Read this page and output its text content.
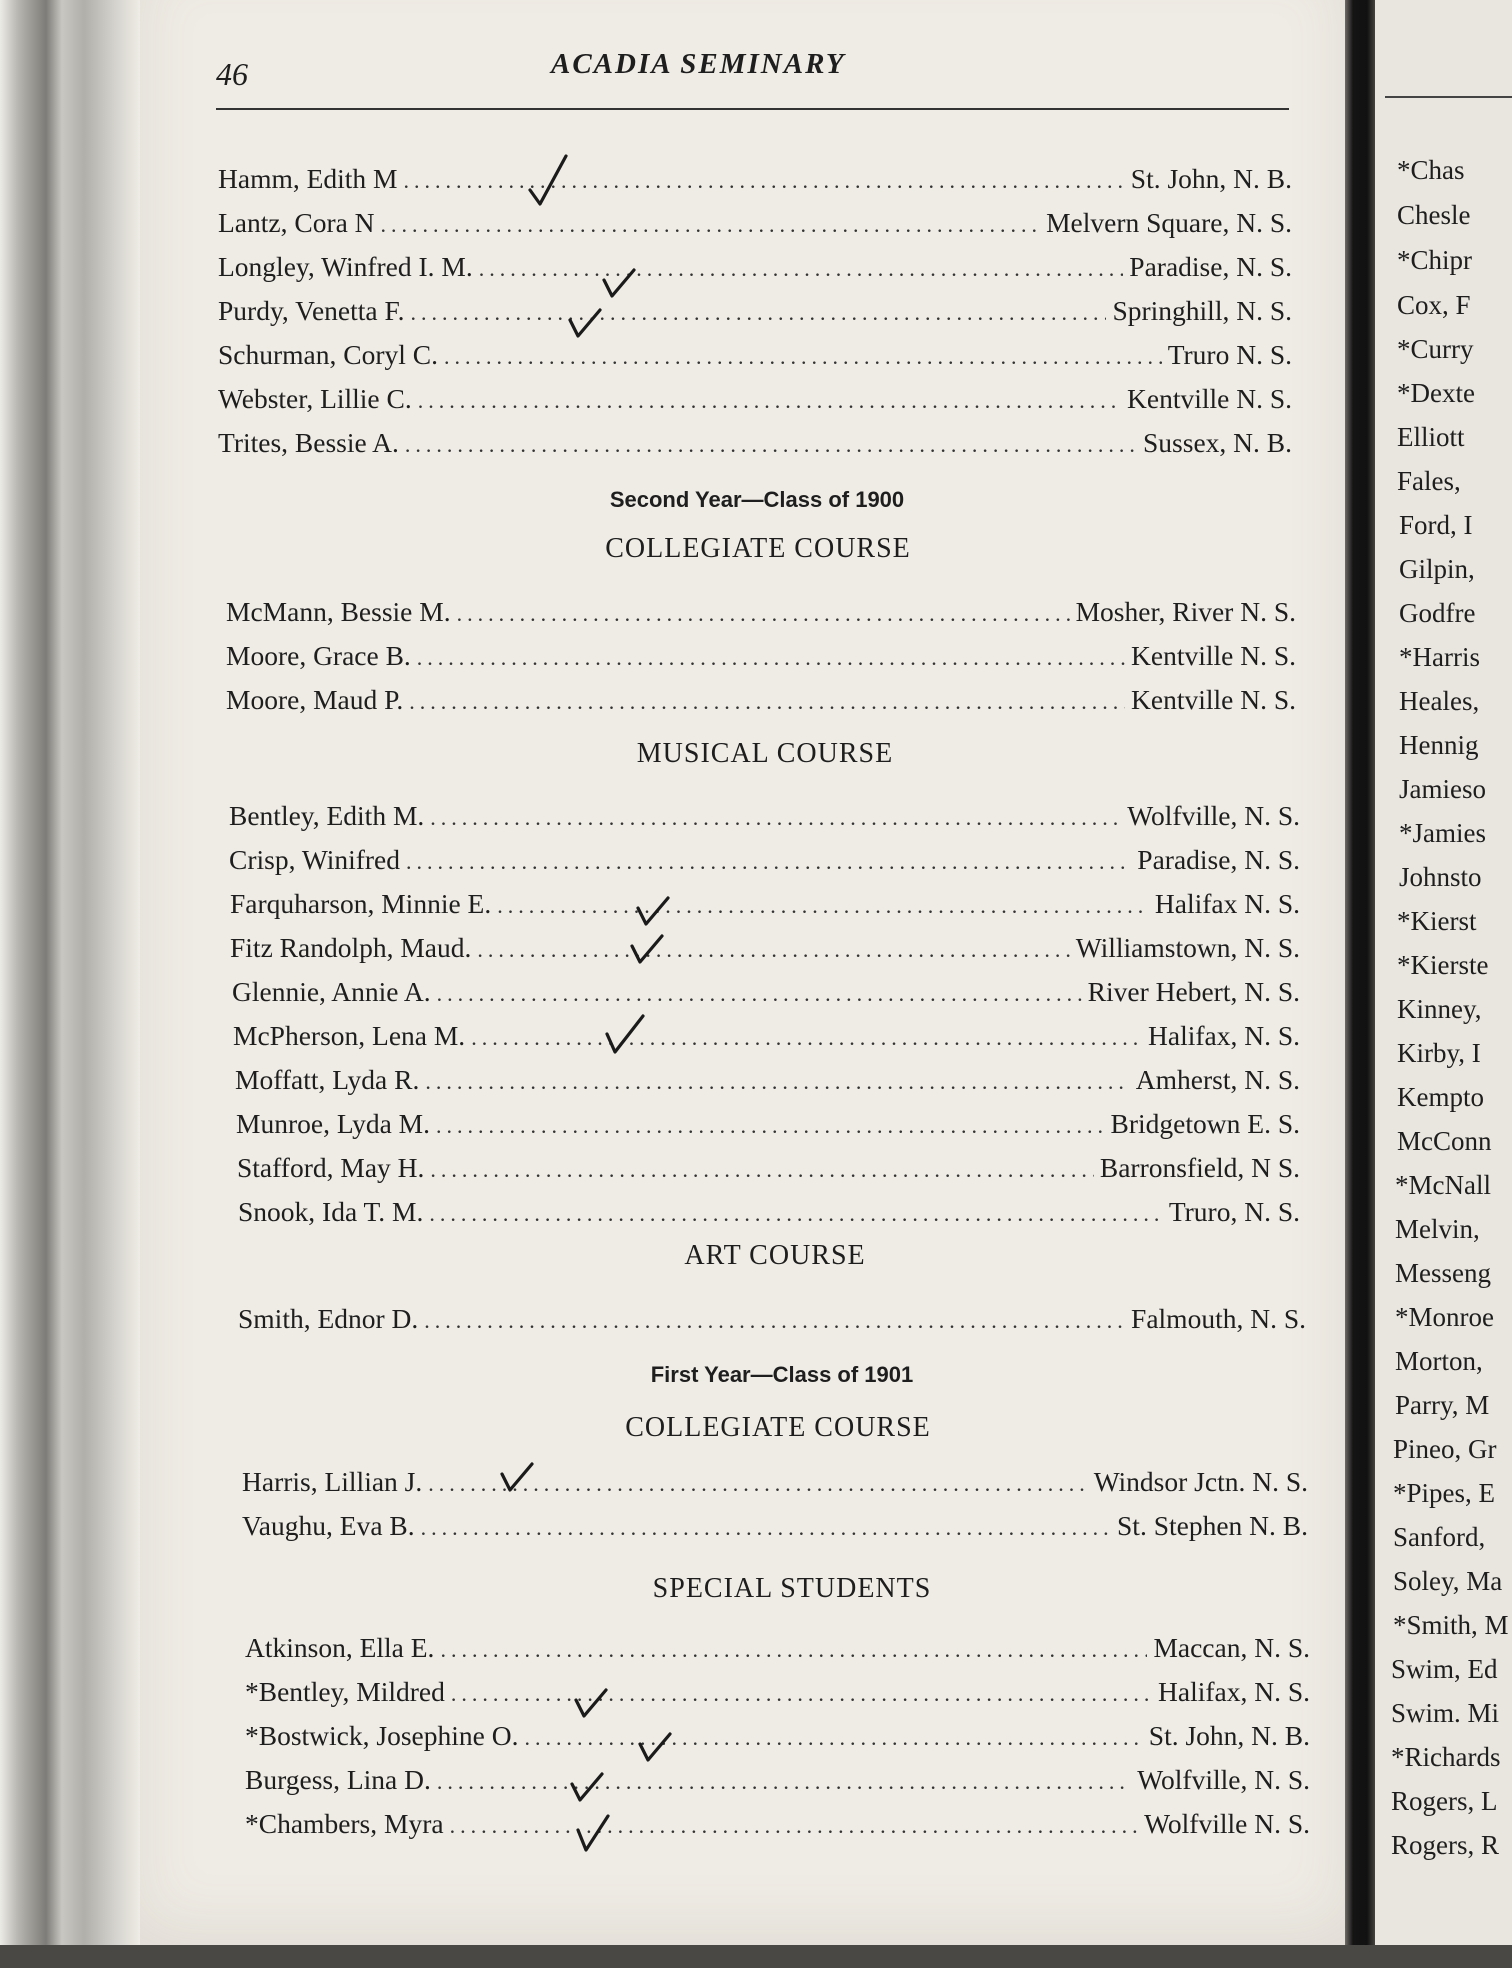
*Chas
Chesle
*Chipr
Cox, F
*Curry
*Dexte
Elliott
Fales,
Ford, I
Gilpin,
Godfre
*Harris
Heales,
Hennig
Jamieso
*Jamies
Johnsto
*Kierst
*Kierste
Kinney,
Kirby, I
Kempto
McConn
*McNall
Melvin,
Messeng
*Monroe
Morton,
Parry, M
Pineo, Gr
*Pipes, E
Sanford,
Soley, Ma
*Smith, M
Swim, Ed
Swim. Mi
*Richards
Rogers, L
Rogers, R
46	ACADIA SEMINARY
Hamm, Edith M .....	St. John, N. B.
Lantz, Cora N .....	Melvern Square, N. S.
Longley, Winfred I. M. .....	Paradise, N. S.
Purdy, Venetta F. .....	Springhill, N. S.
Schurman, Coryl C. .....	Truro N. S.
Webster, Lillie C. .....	Kentville N. S.
Trites, Bessie A. .....	Sussex, N. B.
McMann, Bessie M. .....	Mosher, River N. S.
Moore, Grace B. .....	Kentville N. S.
Moore, Maud P. .....	Kentville N. S.
Bentley, Edith M. .....	Wolfville, N. S.
Crisp, Winifred .....	Paradise, N. S.
Farquharson, Minnie E. .....	Halifax N. S.
Fitz Randolph, Maud. .....	Williamstown, N. S.
Glennie, Annie A. .....	River Hebert, N. S.
McPherson, Lena M. .....	Halifax, N. S.
Moffatt, Lyda R. .....	Amherst, N. S.
Munroe, Lyda M. .....	Bridgetown E. S.
Stafford, May H. .....	Barronsfield, N S.
Snook, Ida T. M. .....	Truro, N. S.
Smith, Ednor D. .....	Falmouth, N. S.
Harris, Lillian J. .....	Windsor Jctn. N. S.
Vaughu, Eva B. .....	St. Stephen N. B.
Atkinson, Ella E. .....	Maccan, N. S.
*Bentley, Mildred .....	Halifax, N. S.
*Bostwick, Josephine O. .....	St. John, N. B.
Burgess, Lina D. .....	Wolfville, N. S.
*Chambers, Myra .....	Wolfville N. S.
Second Year—Class of 1900
COLLEGIATE COURSE
MUSICAL COURSE
ART COURSE
First Year—Class of 1901
COLLEGIATE COURSE
SPECIAL STUDENTS
